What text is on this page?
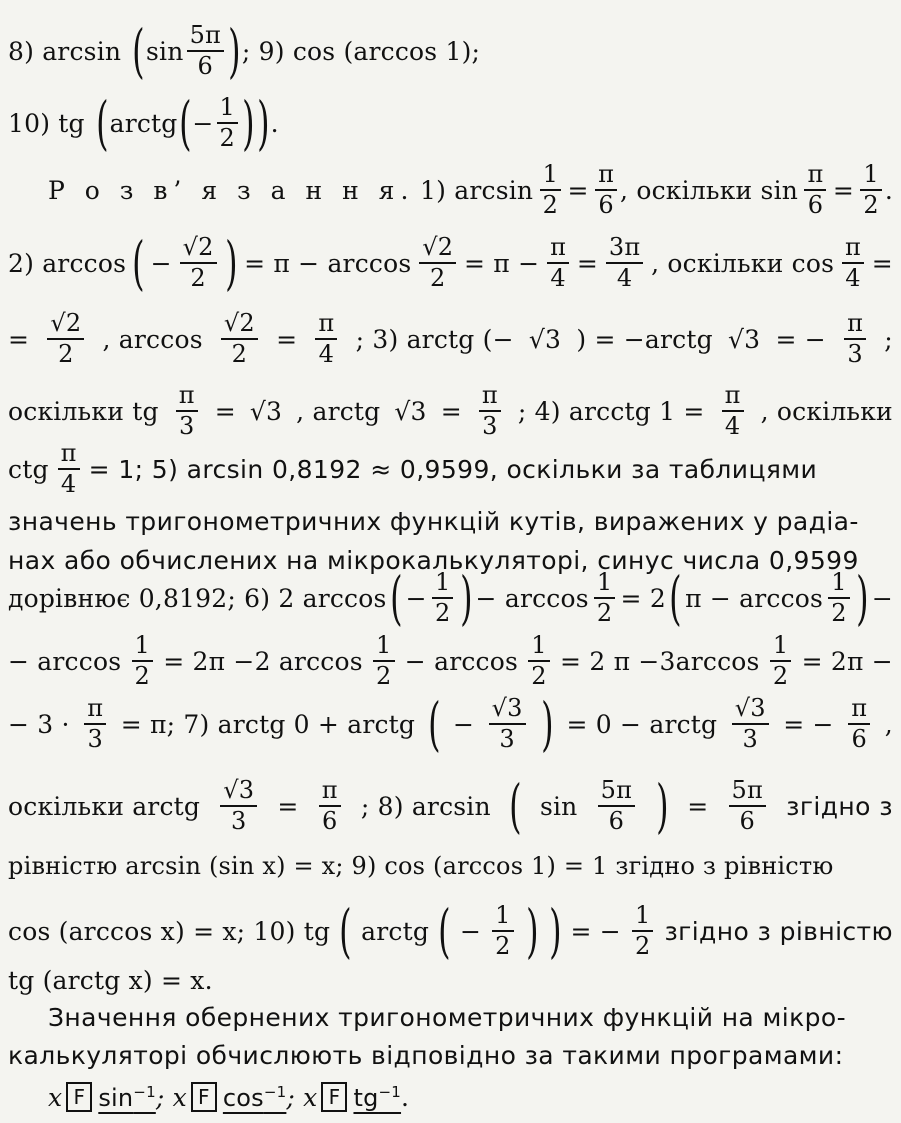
8) arcsin ( $\sin \frac{5\pi}{6}$ ) ; 9) cos (arccos 1);
10) tg ( arctg ( − $\frac{1}{2}$ ) ) .
Р о з в’ я з а н н я. 1) $\arcsin \frac{1}{2} = \frac{\pi}{6}$ , оскільки $\sin \frac{\pi}{6} = \frac{1}{2}$ .
2) arccos ( − $\frac{√2}{2}$ ) = $\pi - \arccos \frac{√2}{2} = \pi - \frac{\pi}{4} = \frac{3\pi}{4}$ , оскільки $\cos \frac{\pi}{4}$ =
= $\frac{√2}{2}$ , $\arccos \frac{√2}{2} = \frac{\pi}{4}$ ; 3) arctg (− √3 ) = −arctg √3 = − $\frac{\pi}{3}$ ;
оскільки tg $\frac{\pi}{3} = √3$ , arctg $√3 = \frac{\pi}{3}$ ; 4) arcctg $1 = \frac{\pi}{4}$ , оскільки
ctg $\frac{\pi}{4} = 1$; 5) arcsin 0,8192 ≈ 0,9599, оскільки за таблицями
значень тригонометричних функцій кутів, виражених у радіа-
нах або обчислених на мікрокалькуляторі, синус числа 0,9599
дорівнює 0,8192; 6) 2 arccos ( − $\frac{1}{2}$ ) − $\arccos \frac{1}{2} = 2$ ( $\pi - \arccos \frac{1}{2}$ ) −
− $\arccos \frac{1}{2} = 2\pi -2$ $\arccos \frac{1}{2} - \arccos \frac{1}{2} = 2$ $\pi -3\arccos \frac{1}{2} = 2\pi$ −
− $3 \cdot \frac{\pi}{3} = \pi$; 7) arctg 0 + arctg ( − $\frac{√3}{3}$ ) = 0 − arctg $\frac{√3}{3}$ = − $\frac{\pi}{6}$ ,
оскільки arctg $\frac{√3}{3} = \frac{\pi}{6}$ ; 8) arcsin ( $\sin \frac{5\pi}{6}$ ) = $\frac{5\pi}{6}$ згідно з
рівністю arcsin (sin x) = x; 9) cos (arccos 1) = 1 згідно з рівністю
cos (arccos x) = x; 10) tg ( arctg ( − $\frac{1}{2}$ ) ) = − $\frac{1}{2}$ згідно з рівністю
tg (arctg x) = x.
Значення обернених тригонометричних функцій на мікро-
калькуляторі обчислюють відповідно за такими програмами:
x F $\sin^{-1}$ ; x F $\cos^{-1}$ ; x F $tg^{-1}$ .
